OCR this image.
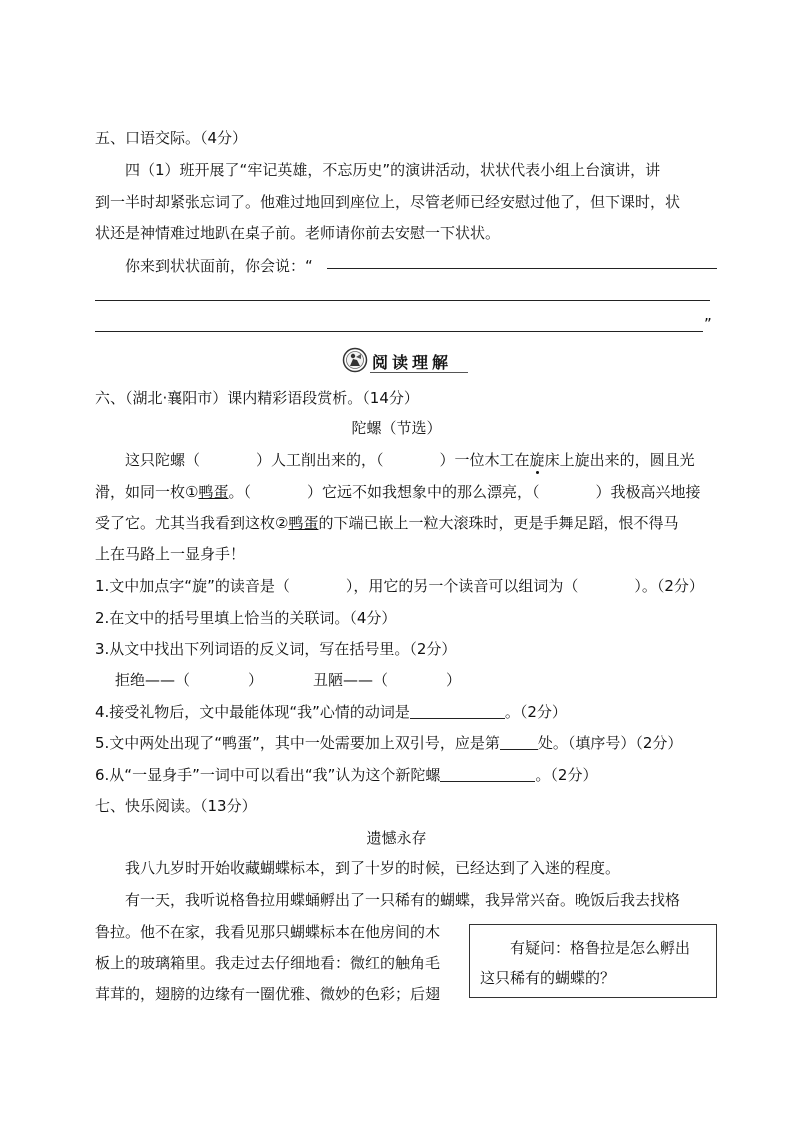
五、口语交际。（4分）
四（1）班开展了“牢记英雄，不忘历史”的演讲活动，状状代表小组上台演讲，讲
到一半时却紧张忘词了。他难过地回到座位上，尽管老师已经安慰过他了，但下课时，状
状还是神情难过地趴在桌子前。老师请你前去安慰一下状状。
你来到状状面前，你会说：“
”
阅读理解
六、（湖北·襄阳市）课内精彩语段赏析。（14分）
陀螺（节选）
这只陀螺（	）人工削出来的，（	）一位木工在旋床上旋出来的，圆且光
滑，如同一枚①鸭蛋。（	）它远不如我想象中的那么漂亮，（	）我极高兴地接
受了它。尤其当我看到这枚②鸭蛋的下端已嵌上一粒大滚珠时，更是手舞足蹈，恨不得马
上在马路上一显身手！
1.文中加点字“旋”的读音是（	），用它的另一个读音可以组词为（	）。（2分）
2.在文中的括号里填上恰当的关联词。（4分）
3.从文中找出下列词语的反义词，写在括号里。（2分）
拒绝——（	）	丑陋——（	）
4.接受礼物后，文中最能体现“我”心情的动词是	。（2分）
5.文中两处出现了“鸭蛋”，其中一处需要加上双引号，应是第	处。（填序号）（2分）
6.从“一显身手”一词中可以看出“我”认为这个新陀螺	。（2分）
七、快乐阅读。（13分）
遗憾永存
我八九岁时开始收藏蝴蝶标本，到了十岁的时候，已经达到了入迷的程度。
有一天，我听说格鲁拉用蝶蛹孵出了一只稀有的蝴蝶，我异常兴奋。晚饭后我去找格
鲁拉。他不在家，我看见那只蝴蝶标本在他房间的木
板上的玻璃箱里。我走过去仔细地看：微红的触角毛
茸茸的，翅膀的边缘有一圈优雅、微妙的色彩；后翅
有疑问：格鲁拉是怎么孵出
这只稀有的蝴蝶的？
